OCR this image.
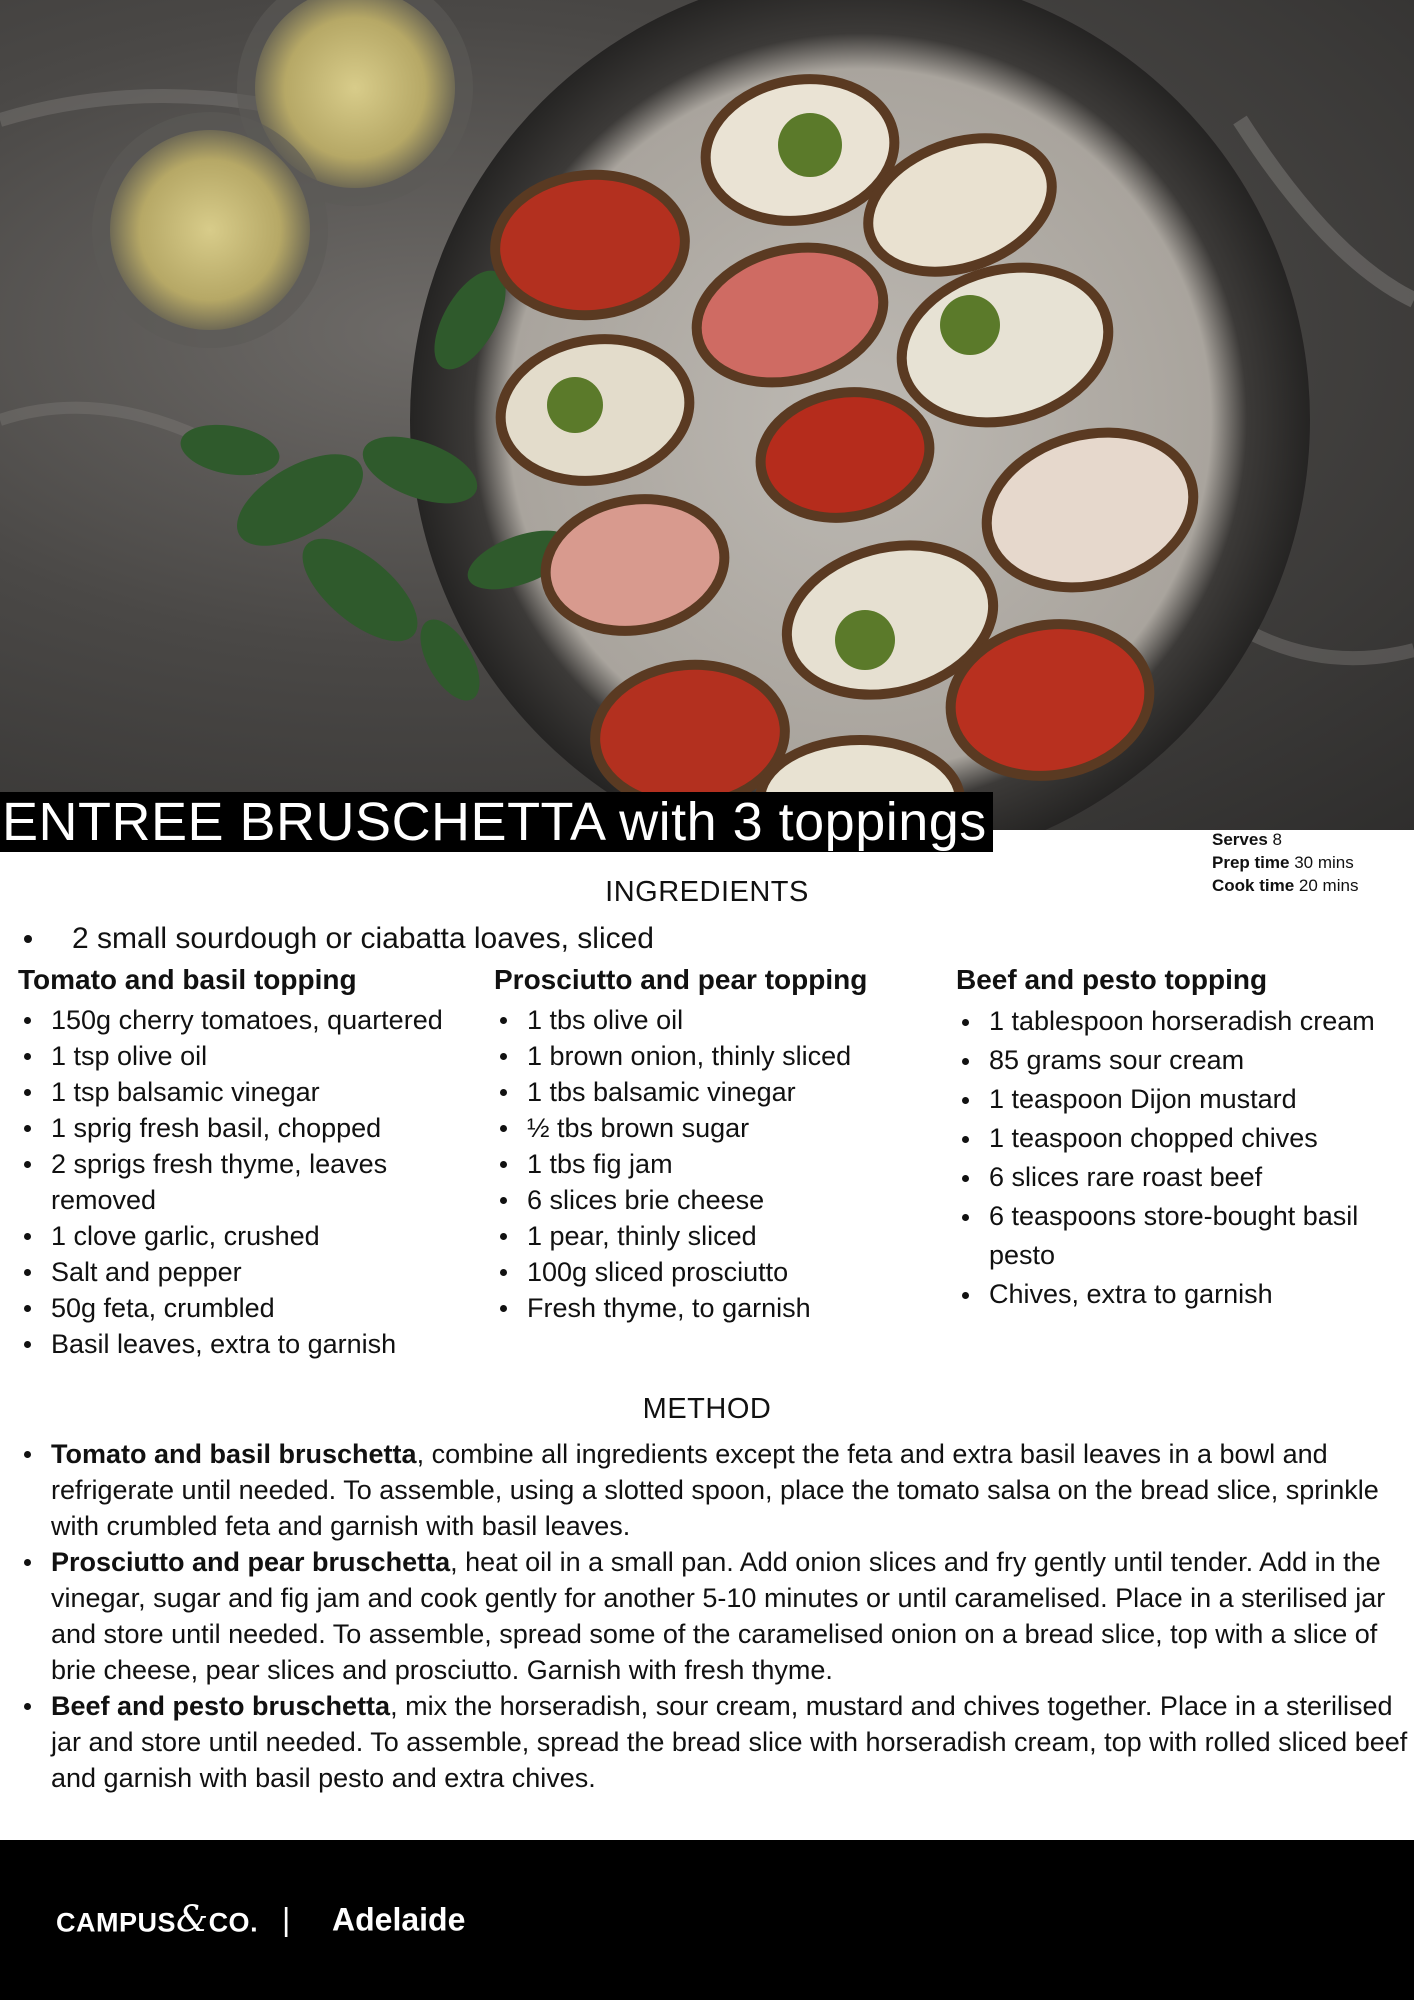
ENTREE BRUSCHETTA with 3 toppings	Serves 8
Prep time 30 mins
Cook time 20 mins
INGREDIENTS
2 small sourdough or ciabatta loaves, sliced
Tomato and basil topping
150g cherry tomatoes, quartered
1 tsp olive oil
1 tsp balsamic vinegar
1 sprig fresh basil, chopped
2 sprigs fresh thyme, leaves removed
1 clove garlic, crushed
Salt and pepper
50g feta, crumbled
Basil leaves, extra to garnish
Prosciutto and pear topping
1 tbs olive oil
1 brown onion, thinly sliced
1 tbs balsamic vinegar
½ tbs brown sugar
1 tbs fig jam
6 slices brie cheese
1 pear, thinly sliced
100g sliced prosciutto
Fresh thyme, to garnish
Beef and pesto topping
1 tablespoon horseradish cream
85 grams sour cream
1 teaspoon Dijon mustard
1 teaspoon chopped chives
6 slices rare roast beef
6 teaspoons store-bought basil pesto
Chives, extra to garnish
METHOD
Tomato and basil bruschetta, combine all ingredients except the feta and extra basil leaves in a bowl and refrigerate until needed. To assemble, using a slotted spoon, place the tomato salsa on the bread slice, sprinkle with crumbled feta and garnish with basil leaves.
Prosciutto and pear bruschetta, heat oil in a small pan. Add onion slices and fry gently until tender. Add in the vinegar, sugar and fig jam and cook gently for another 5-10 minutes or until caramelised. Place in a sterilised jar and store until needed. To assemble, spread some of the caramelised onion on a bread slice, top with a slice of brie cheese, pear slices and prosciutto. Garnish with fresh thyme.
Beef and pesto bruschetta, mix the horseradish, sour cream, mustard and chives together. Place in a sterilised jar and store until needed. To assemble, spread the bread slice with horseradish cream, top with rolled sliced beef and garnish with basil pesto and extra chives.
CAMPUS&CO. | Adelaide
